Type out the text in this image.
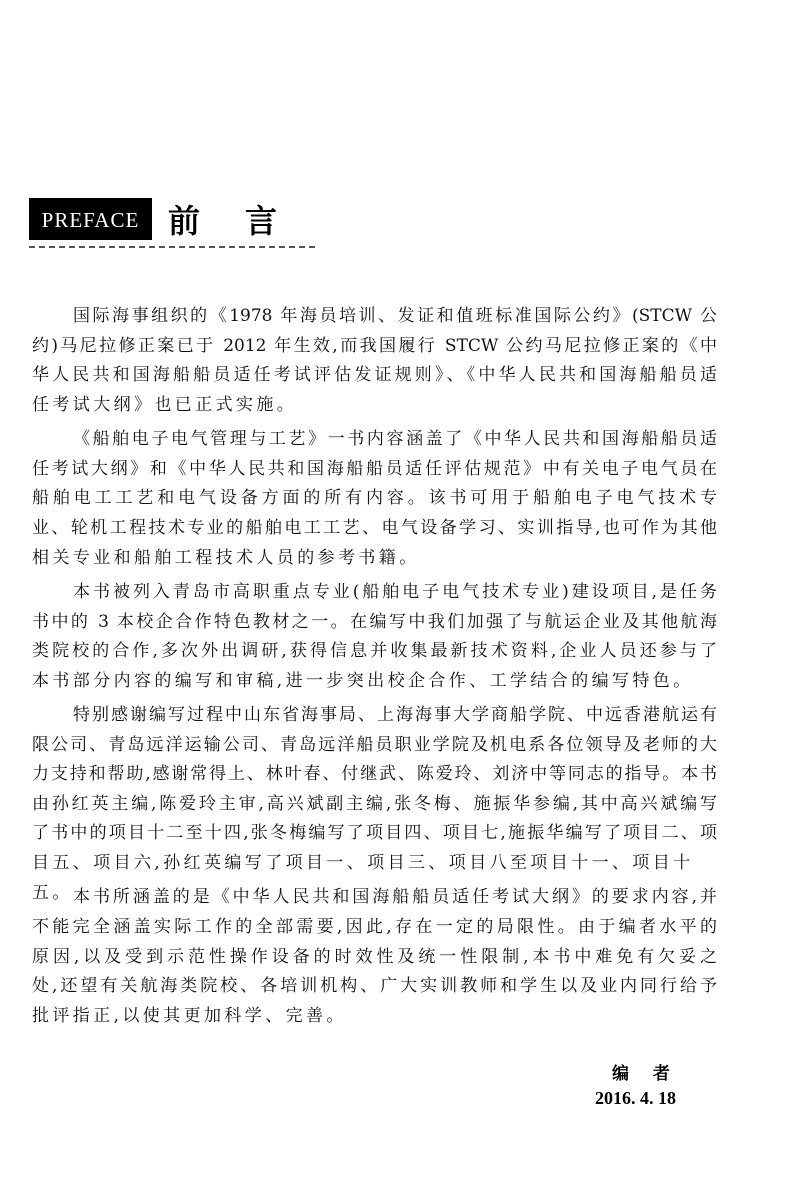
PREFACE 前 言
国际海事组织的《1978 年海员培训、发证和值班标准国际公约》(STCW 公
约)马尼拉修正案已于 2012 年生效,而我国履行 STCW 公约马尼拉修正案的《中
华人民共和国海船船员适任考试评估发证规则》、《中华人民共和国海船船员适
任考试大纲》也已正式实施。
《船舶电子电气管理与工艺》一书内容涵盖了《中华人民共和国海船船员适
任考试大纲》和《中华人民共和国海船船员适任评估规范》中有关电子电气员在
船舶电工工艺和电气设备方面的所有内容。该书可用于船舶电子电气技术专
业、轮机工程技术专业的船舶电工工艺、电气设备学习、实训指导,也可作为其他
相关专业和船舶工程技术人员的参考书籍。
本书被列入青岛市高职重点专业(船舶电子电气技术专业)建设项目,是任务
书中的 3 本校企合作特色教材之一。在编写中我们加强了与航运企业及其他航海
类院校的合作,多次外出调研,获得信息并收集最新技术资料,企业人员还参与了
本书部分内容的编写和审稿,进一步突出校企合作、工学结合的编写特色。
特别感谢编写过程中山东省海事局、上海海事大学商船学院、中远香港航运有
限公司、青岛远洋运输公司、青岛远洋船员职业学院及机电系各位领导及老师的大
力支持和帮助,感谢常得上、林叶春、付继武、陈爱玲、刘济中等同志的指导。本书
由孙红英主编,陈爱玲主审,高兴斌副主编,张冬梅、施振华参编,其中高兴斌编写
了书中的项目十二至十四,张冬梅编写了项目四、项目七,施振华编写了项目二、项
目五、项目六,孙红英编写了项目一、项目三、项目八至项目十一、项目十五。 本书所涵盖的是《中华人民共和国海船船员适任考试大纲》的要求内容,并
不能完全涵盖实际工作的全部需要,因此,存在一定的局限性。由于编者水平的
原因,以及受到示范性操作设备的时效性及统一性限制,本书中难免有欠妥之
处,还望有关航海类院校、各培训机构、广大实训教师和学生以及业内同行给予
批评指正,以使其更加科学、完善。
编 者
2016. 4. 18
